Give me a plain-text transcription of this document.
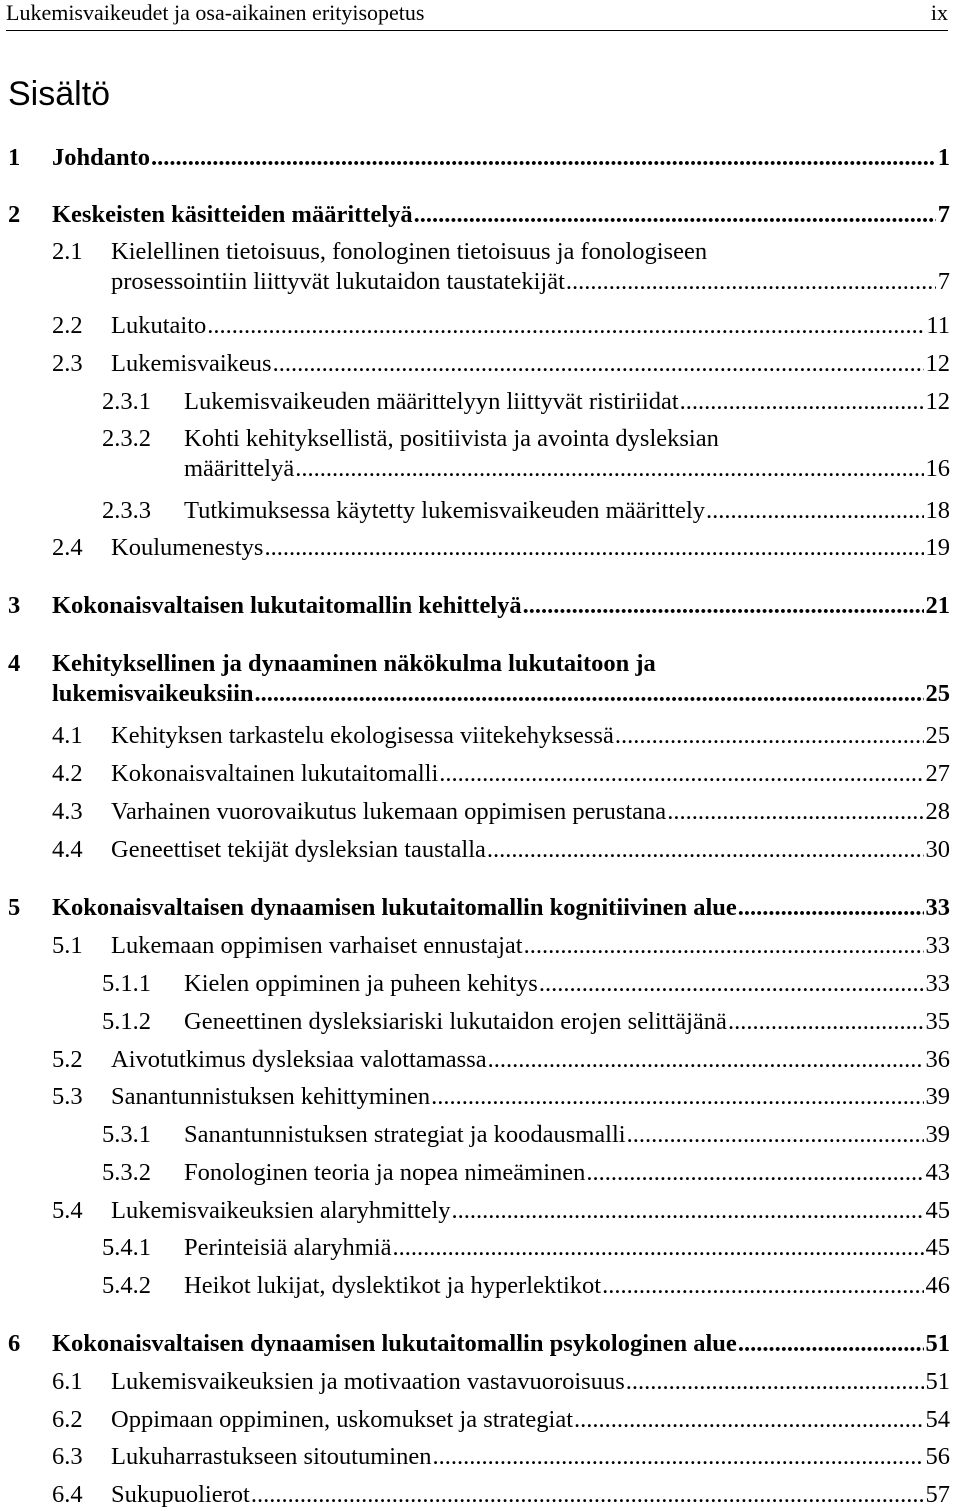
Lukemisvaikeudet ja osa-aikainen erityisopetus	ix
Sisältö
1	Johdanto .....	1
2	Keskeisten käsitteiden määrittelyä .....	7
2.1	Kielellinen tietoisuus, fonologinen tietoisuus ja fonologiseen
prosessointiin liittyvät lukutaidon taustatekijät .....	7
2.2	Lukutaito .....	11
2.3	Lukemisvaikeus .....	12
2.3.1	Lukemisvaikeuden määrittelyyn liittyvät ristiriidat .....	12
2.3.2	Kohti kehityksellistä, positiivista ja avointa dysleksian
määrittelyä .....	16
2.3.3	Tutkimuksessa käytetty lukemisvaikeuden määrittely .....	18
2.4	Koulumenestys .....	19
3	Kokonaisvaltaisen lukutaitomallin kehittelyä .....	21
4	Kehityksellinen ja dynaaminen näkökulma lukutaitoon ja
lukemisvaikeuksiin .....	25
4.1	Kehityksen tarkastelu ekologisessa viitekehyksessä .....	25
4.2	Kokonaisvaltainen lukutaitomalli .....	27
4.3	Varhainen vuorovaikutus lukemaan oppimisen perustana .....	28
4.4	Geneettiset tekijät dysleksian taustalla .....	30
5	Kokonaisvaltaisen dynaamisen lukutaitomallin kognitiivinen alue .....	33
5.1	Lukemaan oppimisen varhaiset ennustajat .....	33
5.1.1	Kielen oppiminen ja puheen kehitys .....	33
5.1.2	Geneettinen dysleksiariski lukutaidon erojen selittäjänä .....	35
5.2	Aivotutkimus dysleksiaa valottamassa .....	36
5.3	Sanantunnistuksen kehittyminen .....	39
5.3.1	Sanantunnistuksen strategiat ja koodausmalli .....	39
5.3.2	Fonologinen teoria ja nopea nimeäminen .....	43
5.4	Lukemisvaikeuksien alaryhmittely .....	45
5.4.1	Perinteisiä alaryhmiä .....	45
5.4.2	Heikot lukijat, dyslektikot ja hyperlektikot .....	46
6	Kokonaisvaltaisen dynaamisen lukutaitomallin psykologinen alue .....	51
6.1	Lukemisvaikeuksien ja motivaation vastavuoroisuus .....	51
6.2	Oppimaan oppiminen, uskomukset ja strategiat .....	54
6.3	Lukuharrastukseen sitoutuminen .....	56
6.4	Sukupuolierot .....	57
